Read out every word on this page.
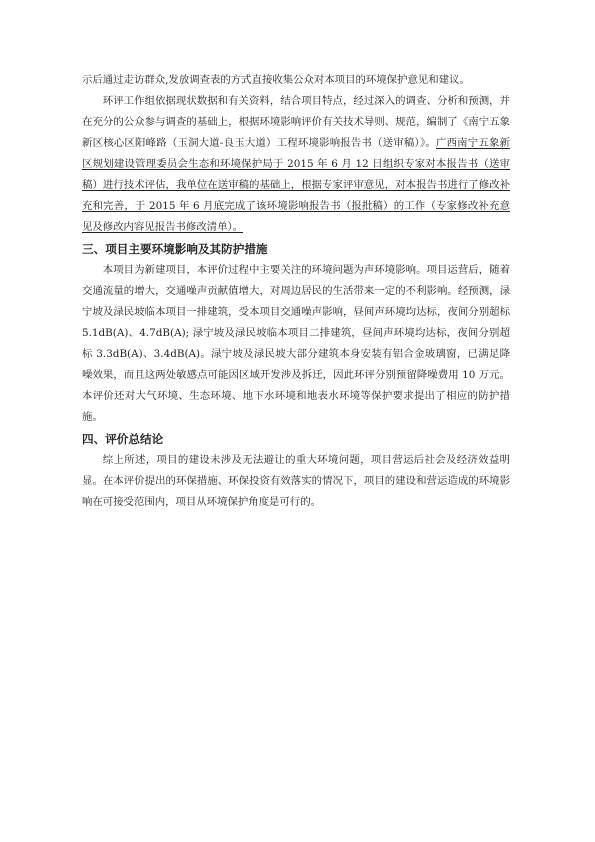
示后通过走访群众,发放调查表的方式直接收集公众对本项目的环境保护意见和建议。

环评工作组依据现状数据和有关资料，结合项目特点，经过深入的调查、分析和预测，并在充分的公众参与调查的基础上，根据环境影响评价有关技术导则、规范，编制了《南宁五象新区核心区阳峰路（玉洞大道-良玉大道）工程环境影响报告书（送审稿）》。广西南宁五象新区规划建设管理委员会生态和环境保护局于 2015 年 6 月 12 日组织专家对本报告书（送审稿）进行技术评估，我单位在送审稿的基础上，根据专家评审意见，对本报告书进行了修改补充和完善，于 2015 年 6 月底完成了该环境影响报告书（报批稿）的工作（专家修改补充意见及修改内容见报告书修改清单）。

三、项目主要环境影响及其防护措施

本项目为新建项目，本评价过程中主要关注的环境问题为声环境影响。项目运营后，随着交通流量的增大，交通噪声贡献值增大，对周边居民的生活带来一定的不利影响。经预测，渌宁坡及渌民坡临本项目一排建筑，受本项目交通噪声影响，昼间声环境均达标，夜间分别超标 5.1dB(A)、4.7dB(A); 渌宁坡及渌民坡临本项目二排建筑，昼间声环境均达标，夜间分别超标 3.3dB(A)、3.4dB(A)。渌宁坡及渌民坡大部分建筑本身安装有铝合金玻璃窗，已满足降噪效果，而且这两处敏感点可能因区域开发涉及拆迁，因此环评分别预留降噪费用 10 万元。本评价还对大气环境、生态环境、地下水环境和地表水环境等保护要求提出了相应的防护措施。

四、评价总结论

综上所述，项目的建设未涉及无法避让的重大环境问题，项目营运后社会及经济效益明显。在本评价提出的环保措施、环保投资有效落实的情况下，项目的建设和营运造成的环境影响在可接受范围内，项目从环境保护角度是可行的。
